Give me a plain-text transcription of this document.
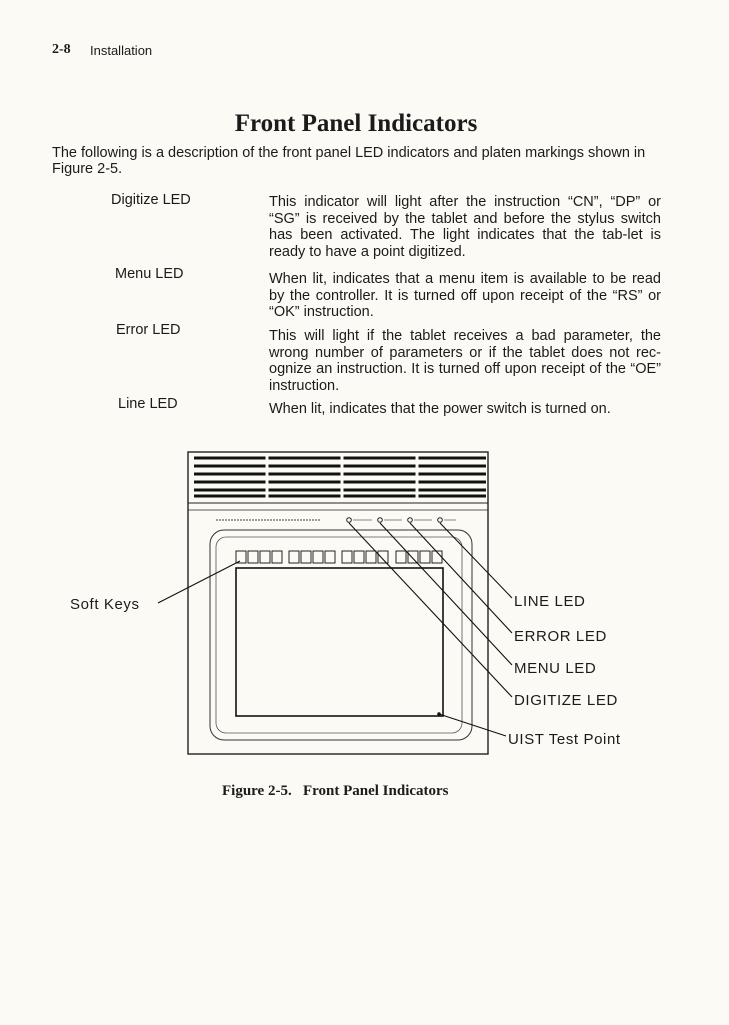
2-8 Installation
Front Panel Indicators
The following is a description of the front panel LED indicators and platen markings shown in Figure 2-5.
Digitize LED	This indicator will light after the instruction “CN”, “DP” or “SG” is received by the tablet and before the stylus switch has been activated. The light indicates that the tab-let is ready to have a point digitized.
Menu LED	When lit, indicates that a menu item is available to be read by the controller. It is turned off upon receipt of the “RS” or “OK” instruction.
Error LED	This will light if the tablet receives a bad parameter, the wrong number of parameters or if the tablet does not rec-ognize an instruction. It is turned off upon receipt of the “OE” instruction.
Line LED	When lit, indicates that the power switch is turned on.
Soft Keys	LINE LED
ERROR LED
MENU LED
DIGITIZE LED
UIST Test Point
Figure 2-5. Front Panel Indicators
